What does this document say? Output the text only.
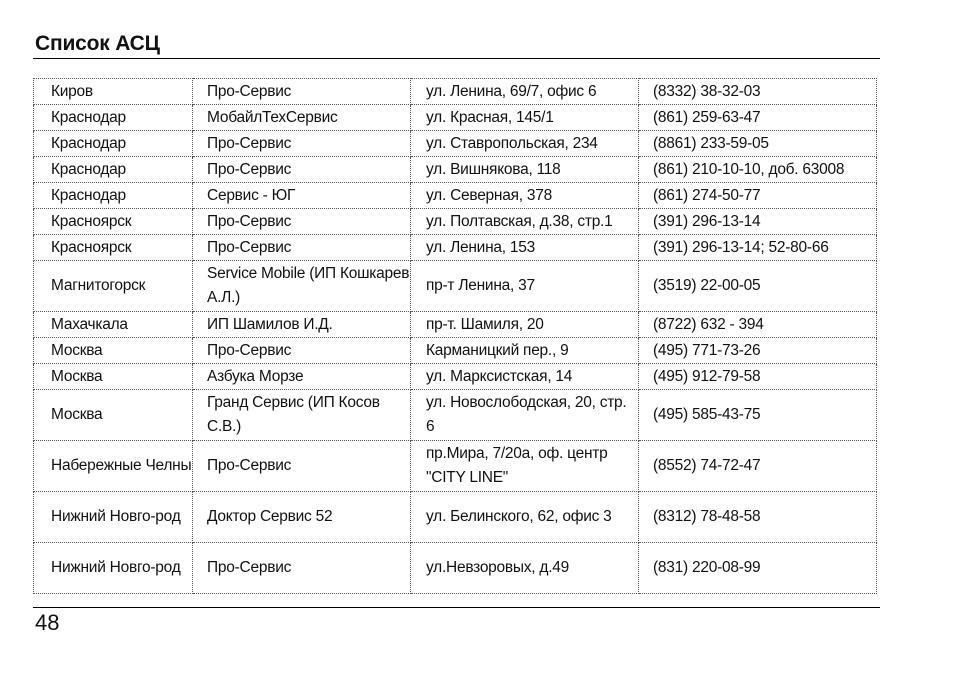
Список АСЦ
Киров	Про-Сервис	ул. Ленина, 69/7, офис 6	(8332) 38-32-03
Краснодар	МобайлТехСервис	ул. Красная, 145/1	(861) 259-63-47
Краснодар	Про-Сервис	ул. Ставропольская, 234	(8861) 233-59-05
Краснодар	Про-Сервис	ул. Вишнякова, 118	(861) 210-10-10, доб. 63008
Краснодар	Сервис - ЮГ	ул. Северная, 378	(861) 274-50-77
Красноярск	Про-Сервис	ул. Полтавская, д.38, стр.1	(391) 296-13-14
Красноярск	Про-Сервис	ул. Ленина, 153	(391) 296-13-14; 52-80-66
Магнитогорск	Service Mobile (ИП Кошкарев А.Л.)	пр-т Ленина, 37	(3519) 22-00-05
Махачкала	ИП Шамилов И.Д.	пр-т. Шамиля, 20	(8722) 632 - 394
Москва	Про-Сервис	Карманицкий пер., 9	(495) 771-73-26
Москва	Азбука Морзе	ул. Марксистская, 14	(495) 912-79-58
Москва	Гранд Сервис (ИП Косов С.В.)	ул. Новослободская, 20, стр. 6	(495) 585-43-75
Набережные Челны	Про-Сервис	пр.Мира, 7/20а, оф. центр "CITY LINE"	(8552) 74-72-47
Нижний Новго-род	Доктор Сервис 52	ул. Белинского, 62, офис 3	(8312) 78-48-58
Нижний Новго-род	Про-Сервис	ул.Невзоровых, д.49	(831) 220-08-99
48
